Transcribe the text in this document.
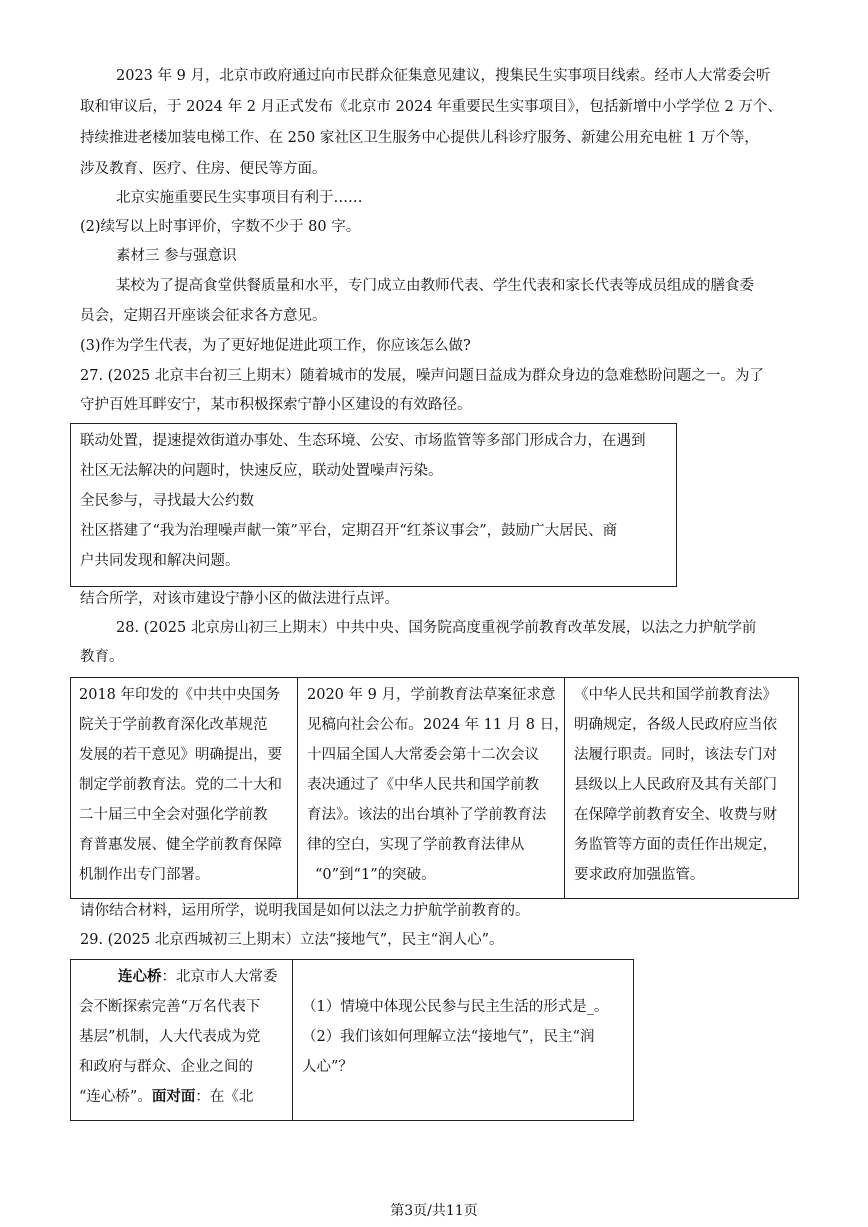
2023 年 9 月，北京市政府通过向市民群众征集意见建议，搜集民生实事项目线索。经市人大常委会听

取和审议后，于 2024 年 2 月正式发布《北京市 2024 年重要民生实事项目》，包括新增中小学学位 2 万个、

持续推进老楼加装电梯工作、在 250 家社区卫生服务中心提供儿科诊疗服务、新建公用充电桩 1 万个等，

涉及教育、医疗、住房、便民等方面。

北京实施重要民生实事项目有利于……

(2)续写以上时事评价，字数不少于 80 字。

素材三 参与强意识

某校为了提高食堂供餐质量和水平，专门成立由教师代表、学生代表和家长代表等成员组成的膳食委

员会，定期召开座谈会征求各方意见。

(3)作为学生代表，为了更好地促进此项工作，你应该怎么做?

27. (2025 北京丰台初三上期末）随着城市的发展，噪声问题日益成为群众身边的急难愁盼问题之一。为了

守护百姓耳畔安宁，某市积极探索宁静小区建设的有效路径。

联动处置，提速提效街道办事处、生态环境、公安、市场监管等多部门形成合力，在遇到

社区无法解决的问题时，快速反应，联动处置噪声污染。

全民参与，寻找最大公约数

社区搭建了“我为治理噪声献一策”平台，定期召开“红茶议事会”，鼓励广大居民、商

户共同发现和解决问题。

结合所学，对该市建设宁静小区的做法进行点评。

28. (2025 北京房山初三上期末）中共中央、国务院高度重视学前教育改革发展，以法之力护航学前

教育。

2018 年印发的《中共中央国务

院关于学前教育深化改革规范

发展的若干意见》明确提出，要

制定学前教育法。党的二十大和

二十届三中全会对强化学前教

育普惠发展、健全学前教育保障

机制作出专门部署。

2020 年 9 月，学前教育法草案征求意

见稿向社会公布。2024 年 11 月 8 日，

十四届全国人大常委会第十二次会议

表决通过了《中华人民共和国学前教

育法》。该法的出台填补了学前教育法

律的空白，实现了学前教育法律从

“0”到“1”的突破。

《中华人民共和国学前教育法》

明确规定，各级人民政府应当依

法履行职责。同时，该法专门对

县级以上人民政府及其有关部门

在保障学前教育安全、收费与财

务监管等方面的责任作出规定，

要求政府加强监管。

请你结合材料，运用所学，说明我国是如何以法之力护航学前教育的。

29. (2025 北京西城初三上期末）立法“接地气”，民主“润人心”。

连心桥：北京市人大常委

会不断探索完善“万名代表下

基层”机制，人大代表成为党

和政府与群众、企业之间的

“连心桥”。面对面：在《北

（1）情境中体现公民参与民主生活的形式是_。

（2）我们该如何理解立法“接地气”，民主“润

人心”？

第3页/共11页
